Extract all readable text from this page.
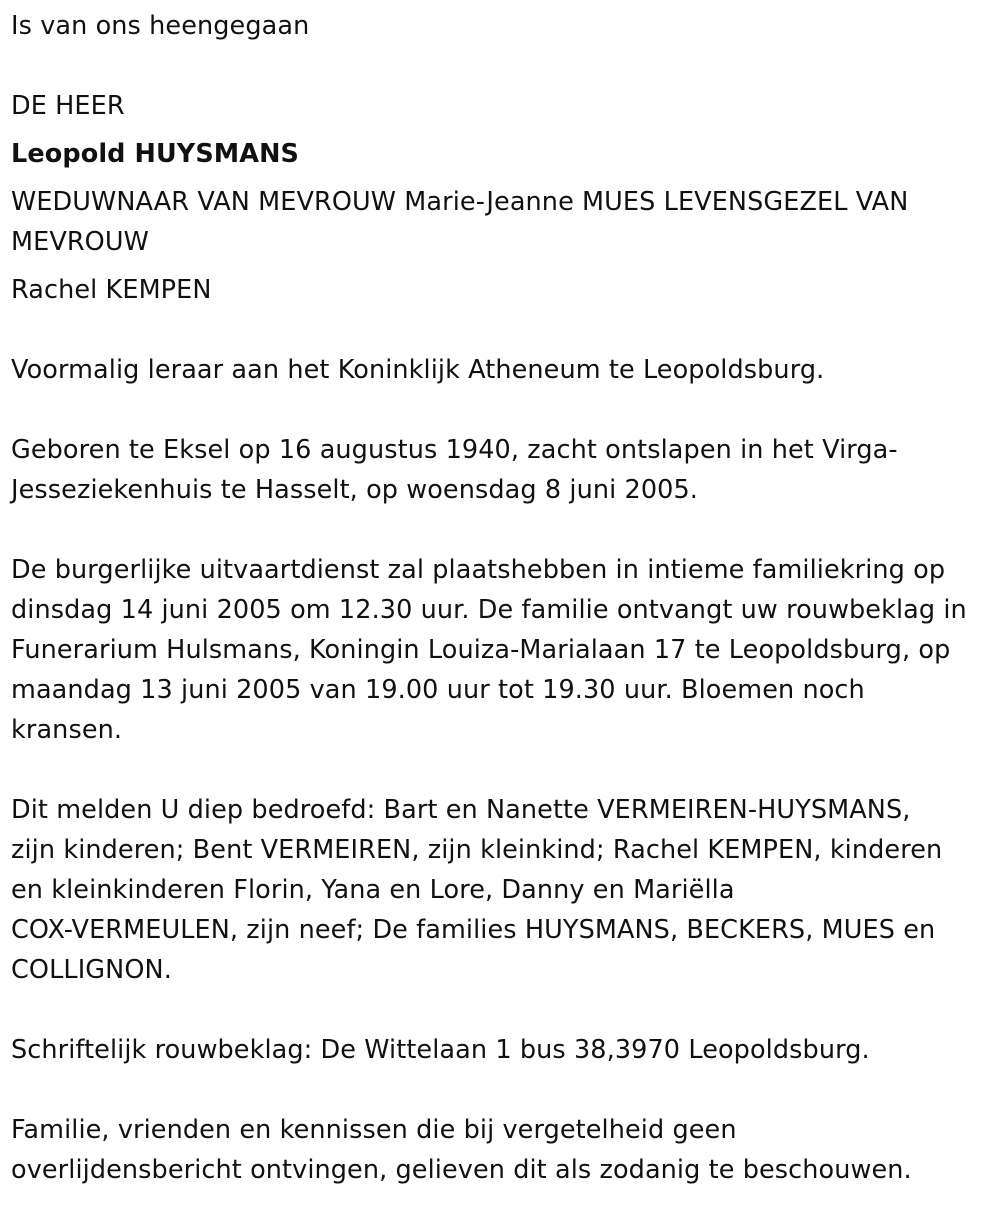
Is van ons heengegaan
DE HEER
Leopold HUYSMANS
WEDUWNAAR VAN MEVROUW Marie-Jeanne MUES LEVENSGEZEL VAN
MEVROUW
Rachel KEMPEN
Voormalig leraar aan het Koninklijk Atheneum te Leopoldsburg.
Geboren te Eksel op 16 augustus 1940, zacht ontslapen in het Virga-
Jesseziekenhuis te Hasselt, op woensdag 8 juni 2005.
De burgerlijke uitvaartdienst zal plaatshebben in intieme familiekring op
dinsdag 14 juni 2005 om 12.30 uur. De familie ontvangt uw rouwbeklag in
Funerarium Hulsmans, Koningin Louiza-Marialaan 17 te Leopoldsburg, op
maandag 13 juni 2005 van 19.00 uur tot 19.30 uur. Bloemen noch
kransen.
Dit melden U diep bedroefd: Bart en Nanette VERMEIREN-HUYSMANS,
zijn kinderen; Bent VERMEIREN, zijn kleinkind; Rachel KEMPEN, kinderen
en kleinkinderen Florin, Yana en Lore, Danny en Mariëlla
COX-VERMEULEN, zijn neef; De families HUYSMANS, BECKERS, MUES en
COLLIGNON.
Schriftelijk rouwbeklag: De Wittelaan 1 bus 38,3970 Leopoldsburg.
Familie, vrienden en kennissen die bij vergetelheid geen
overlijdensbericht ontvingen, gelieven dit als zodanig te beschouwen.
